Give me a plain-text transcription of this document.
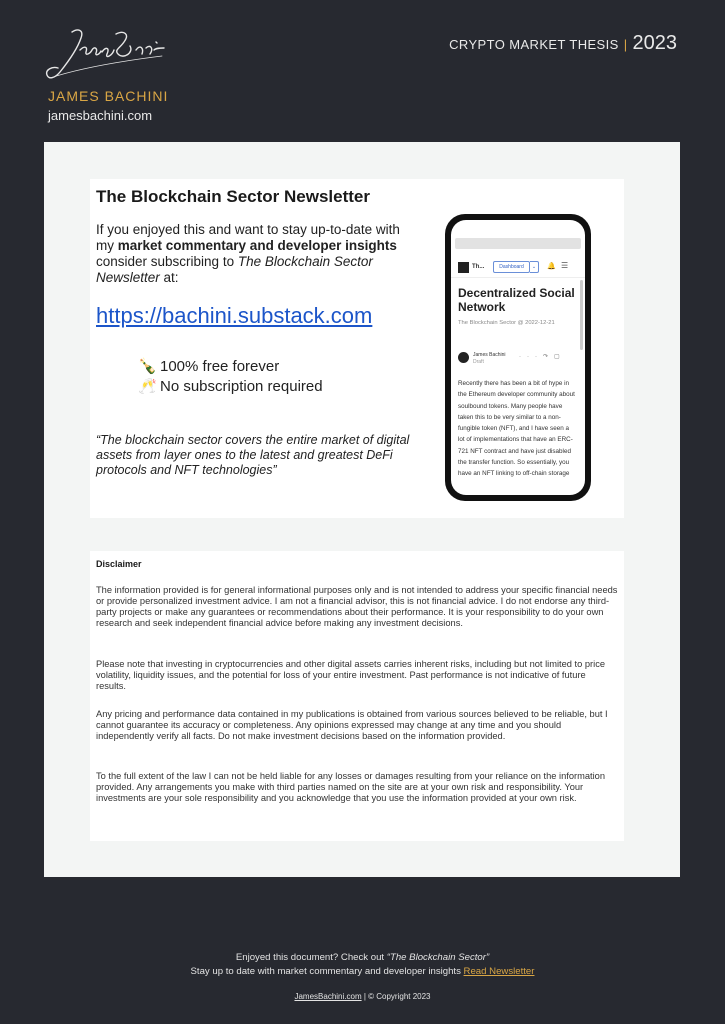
JAMES BACHINI
jamesbachini.com
CRYPTO MARKET THESIS | 2023
The Blockchain Sector Newsletter
If you enjoyed this and want to stay up-to-date with my market commentary and developer insights consider subscribing to The Blockchain Sector Newsletter at:
https://bachini.substack.com
🍾 100% free forever
🥂 No subscription required
“The blockchain sector covers the entire market of digital assets from layer ones to the latest and greatest DeFi protocols and NFT technologies”
Th...	Dashboard	⌄	🔔 ☰
Decentralized Social Network
The Blockchain Sector @ 2022-12-21
James Bachini
Draft
···↷▢
Recently there has been a bit of hype in the Ethereum developer community about soulbound tokens. Many people have taken this to be very similar to a non-fungible token (NFT), and I have seen a lot of implementations that have an ERC-721 NFT contract and have just disabled the transfer function. So essentially, you have an NFT linking to off-chain storage
Disclaimer
The information provided is for general informational purposes only and is not intended to address your specific financial needs or provide personalized investment advice. I am not a financial advisor, this is not financial advice. I do not endorse any third-party projects or make any guarantees or recommendations about their performance. It is your responsibility to do your own research and seek independent financial advice before making any investment decisions.
Please note that investing in cryptocurrencies and other digital assets carries inherent risks, including but not limited to price volatility, liquidity issues, and the potential for loss of your entire investment. Past performance is not indicative of future results.
Any pricing and performance data contained in my publications is obtained from various sources believed to be reliable, but I cannot guarantee its accuracy or completeness. Any opinions expressed may change at any time and you should independently verify all facts. Do not make investment decisions based on the information provided.
To the full extent of the law I can not be held liable for any losses or damages resulting from your reliance on the information provided. Any arrangements you make with third parties named on the site are at your own risk and responsibility. Your investments are your sole responsibility and you acknowledge that you use the information provided at your own risk.
Enjoyed this document? Check out “The Blockchain Sector”
Stay up to date with market commentary and developer insights Read Newsletter
JamesBachini.com | © Copyright 2023
